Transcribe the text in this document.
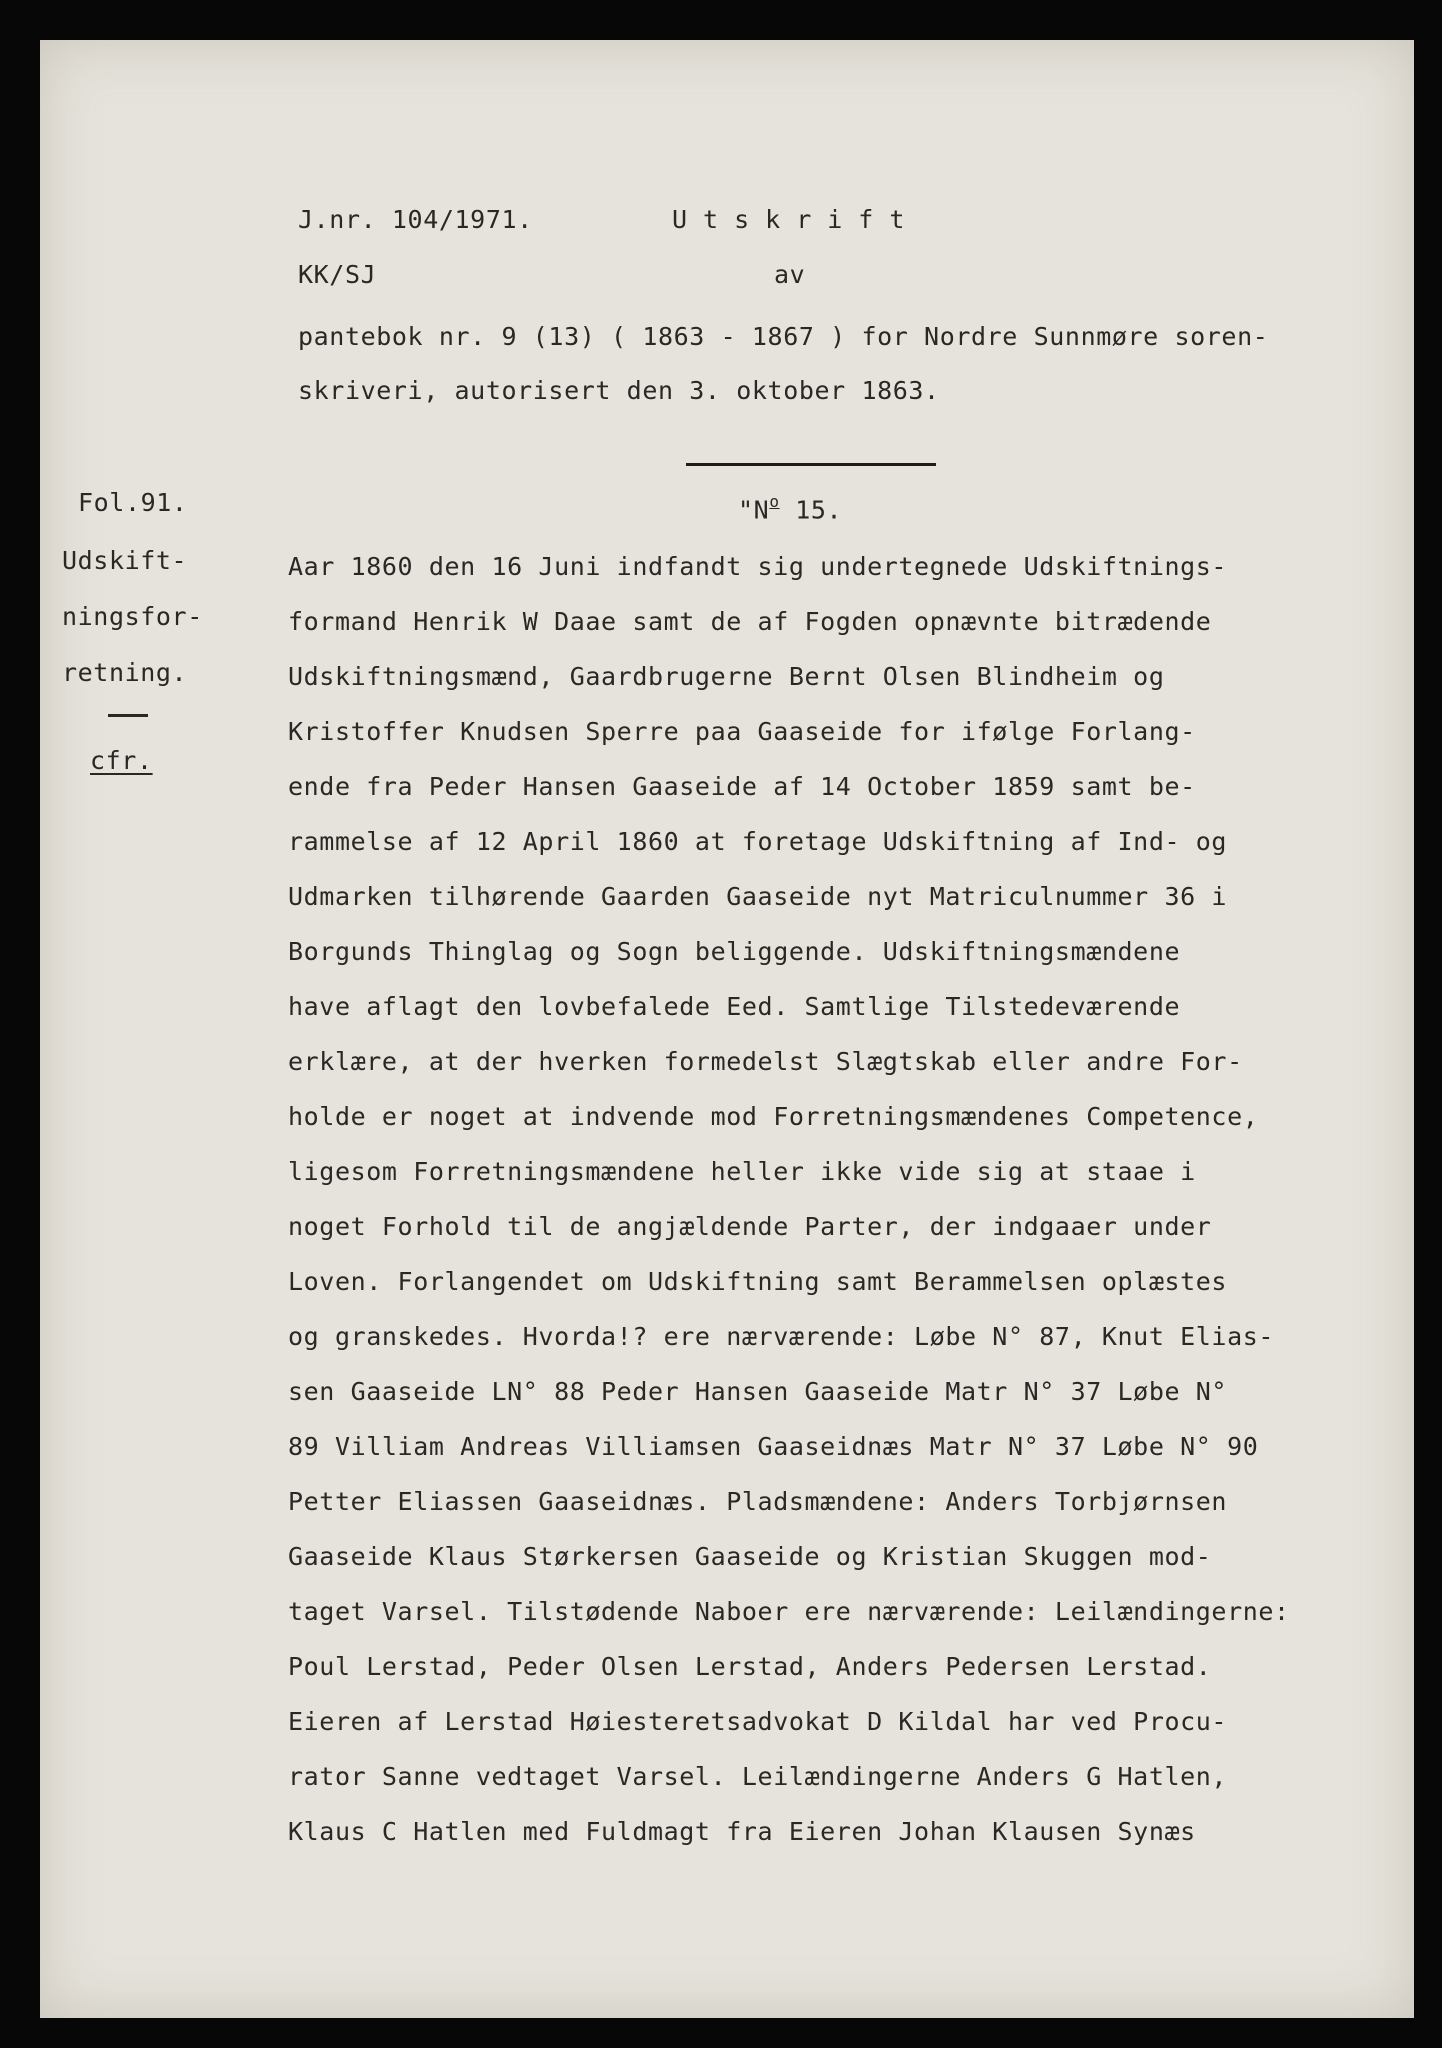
J.nr. 104/1971.	Utskrift
KK/SJ	av
pantebok nr. 9 (13) ( 1863 - 1867 ) for Nordre Sunnmøre soren-
skriveri, autorisert den 3. oktober 1863.
"$N^o$ 15.
Fol.91.
Udskift-
ningsfor-
retning.
cfr.
Aar 1860 den 16 Juni indfandt sig undertegnede Udskiftnings-
formand Henrik W Daae samt de af Fogden opnævnte bitrædende
Udskiftningsmænd, Gaardbrugerne Bernt Olsen Blindheim og
Kristoffer Knudsen Sperre paa Gaaseide for ifølge Forlang-
ende fra Peder Hansen Gaaseide af 14 October 1859 samt be-
rammelse af 12 April 1860 at foretage Udskiftning af Ind- og
Udmarken tilhørende Gaarden Gaaseide nyt Matriculnummer 36 i
Borgunds Thinglag og Sogn beliggende. Udskiftningsmændene
have aflagt den lovbefalede Eed. Samtlige Tilstedeværende
erklære, at der hverken formedelst Slægtskab eller andre For-
holde er noget at indvende mod Forretningsmændenes Competence,
ligesom Forretningsmændene heller ikke vide sig at staae i
noget Forhold til de angjældende Parter, der indgaaer under
Loven. Forlangendet om Udskiftning samt Berammelsen oplæstes
og granskedes. Hvorda!? ere nærværende: Løbe N° 87, Knut Elias-
sen Gaaseide LN° 88 Peder Hansen Gaaseide Matr N° 37 Løbe N°
89 Villiam Andreas Villiamsen Gaaseidnæs Matr N° 37 Løbe N° 90
Petter Eliassen Gaaseidnæs. Pladsmændene: Anders Torbjørnsen
Gaaseide Klaus Størkersen Gaaseide og Kristian Skuggen mod-
taget Varsel. Tilstødende Naboer ere nærværende: Leilændingerne:
Poul Lerstad, Peder Olsen Lerstad, Anders Pedersen Lerstad.
Eieren af Lerstad Høiesteretsadvokat D Kildal har ved Procu-
rator Sanne vedtaget Varsel. Leilændingerne Anders G Hatlen,
Klaus C Hatlen med Fuldmagt fra Eieren Johan Klausen Synæs
